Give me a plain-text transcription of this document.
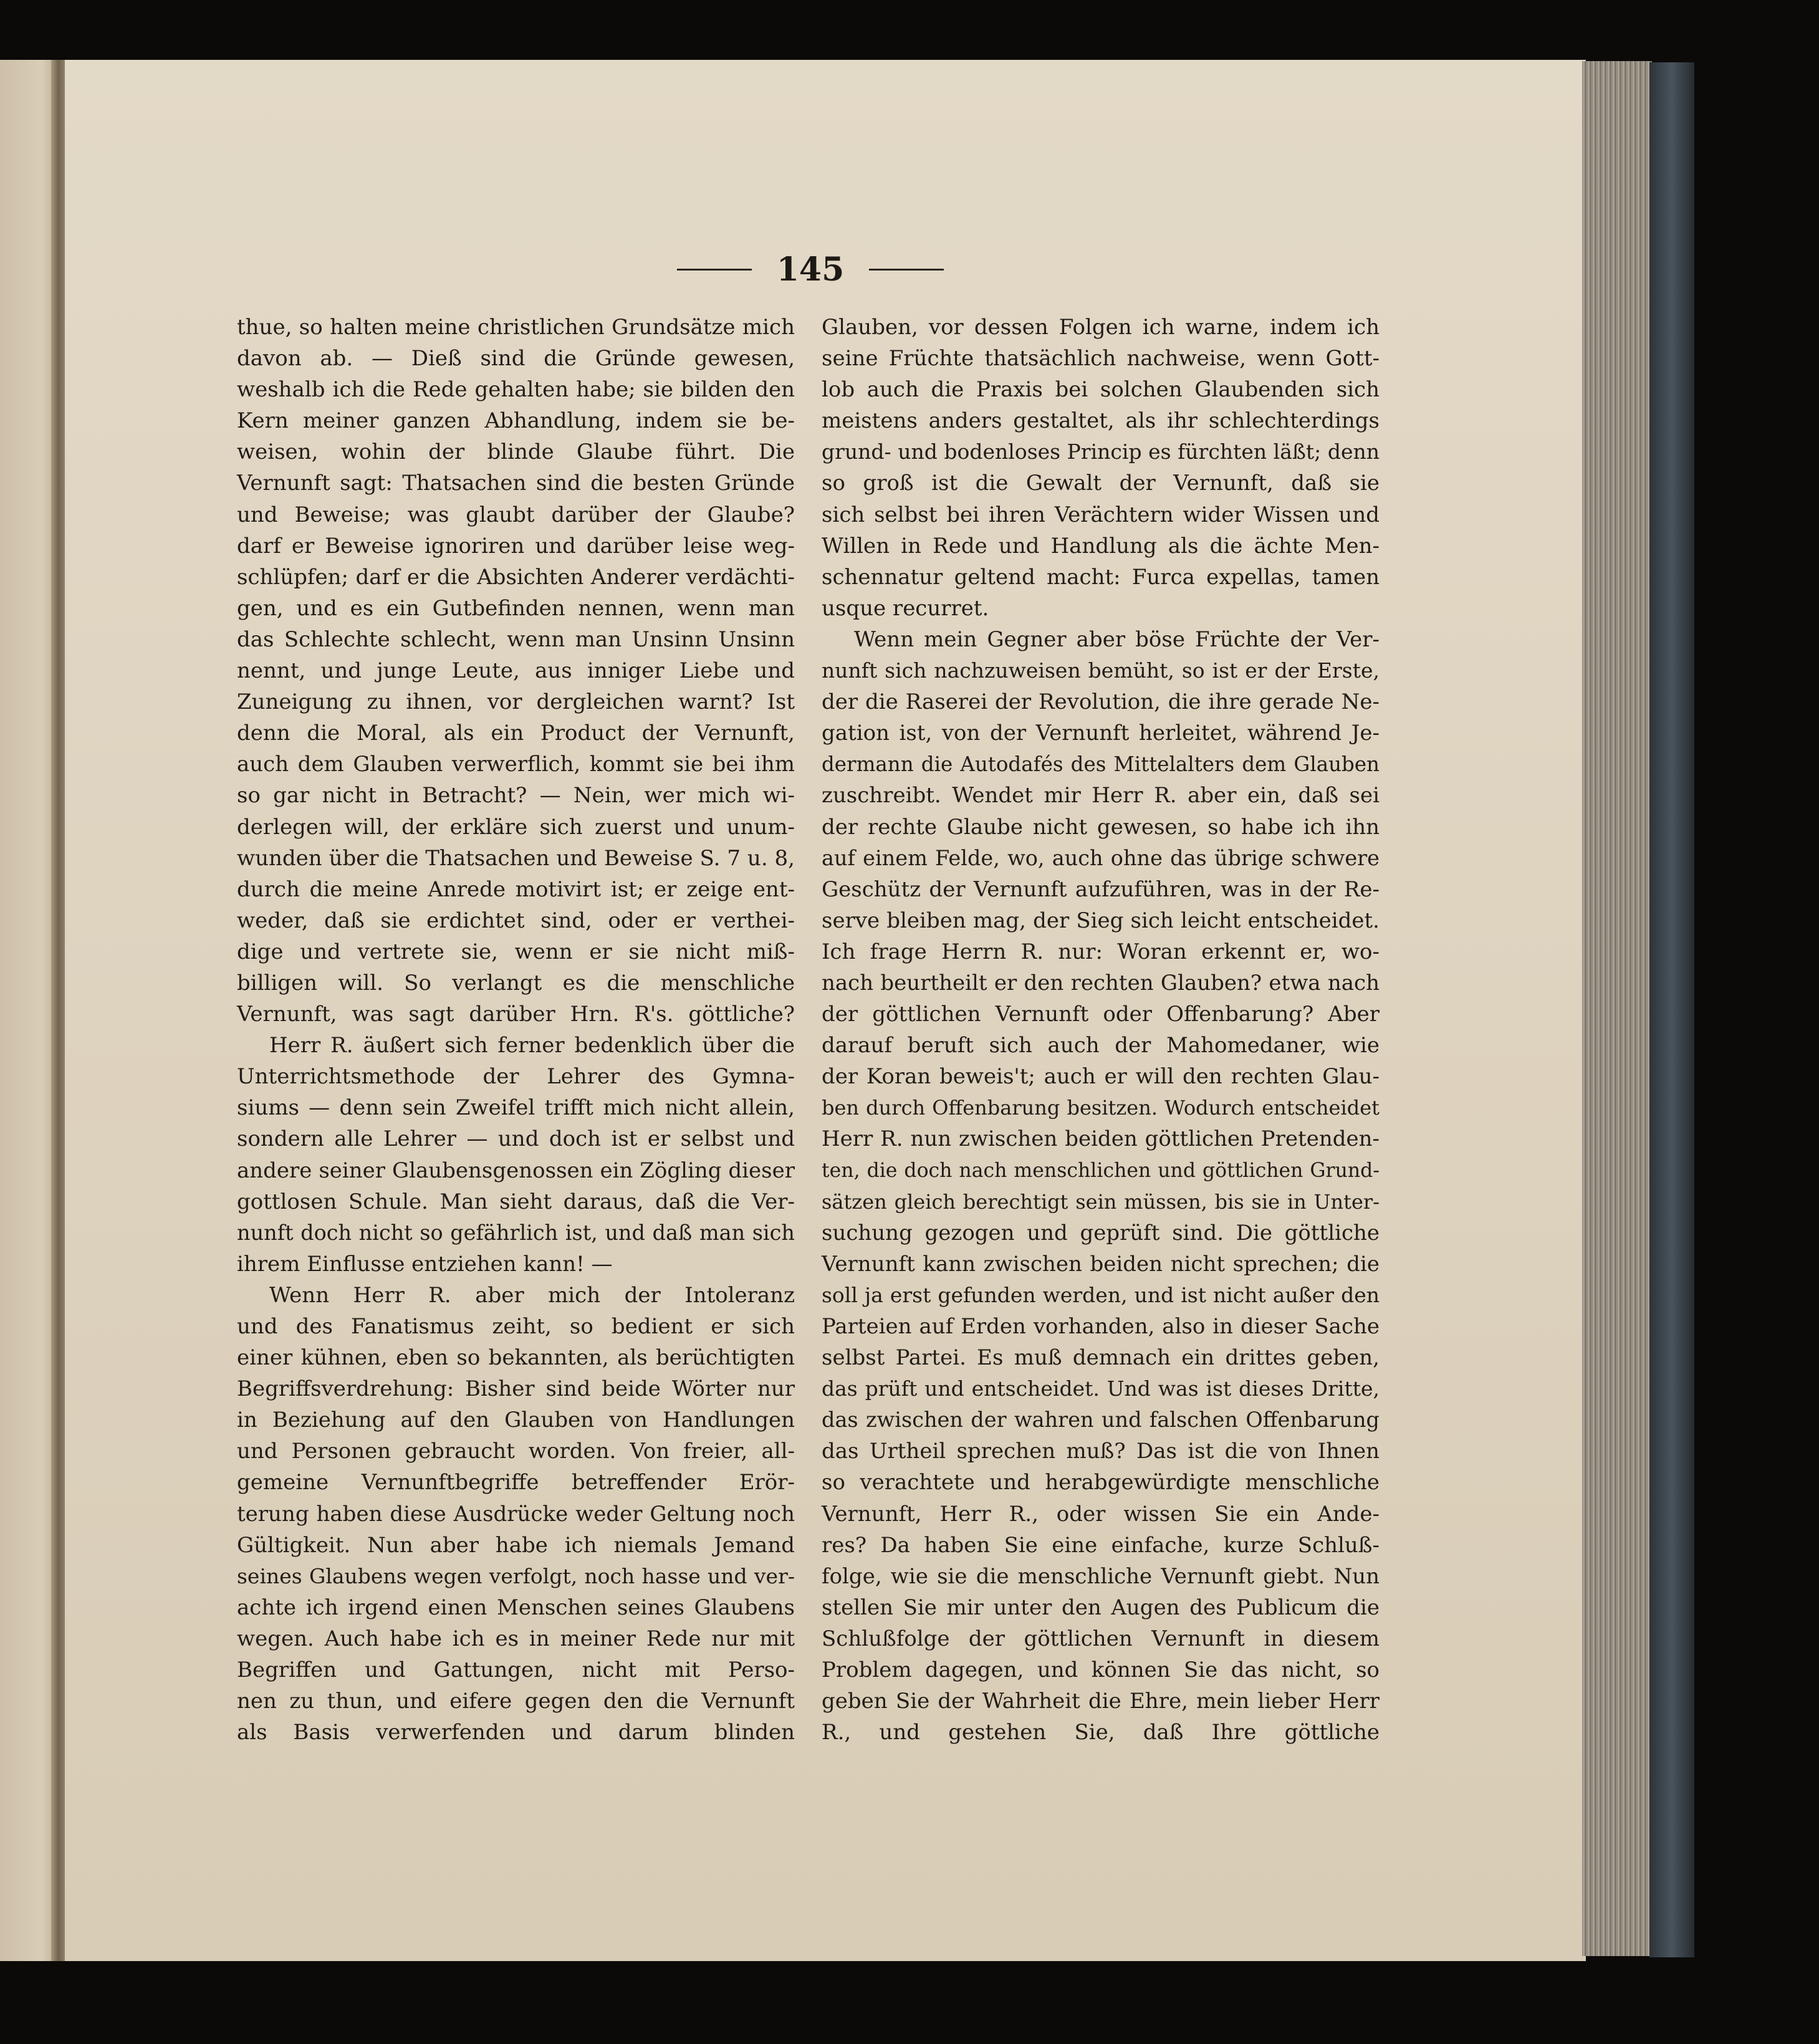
145
thue, so halten meine christlichen Grundsätze mich
davon ab. — Dieß sind die Gründe gewesen,
weshalb ich die Rede gehalten habe; sie bilden den
Kern meiner ganzen Abhandlung, indem sie be-
weisen, wohin der blinde Glaube führt. Die
Vernunft sagt: Thatsachen sind die besten Gründe
und Beweise; was glaubt darüber der Glaube?
darf er Beweise ignoriren und darüber leise weg-
schlüpfen; darf er die Absichten Anderer verdächti-
gen, und es ein Gutbefinden nennen, wenn man
das Schlechte schlecht, wenn man Unsinn Unsinn
nennt, und junge Leute, aus inniger Liebe und
Zuneigung zu ihnen, vor dergleichen warnt? Ist
denn die Moral, als ein Product der Vernunft,
auch dem Glauben verwerflich, kommt sie bei ihm
so gar nicht in Betracht? — Nein, wer mich wi-
derlegen will, der erkläre sich zuerst und unum-
wunden über die Thatsachen und Beweise S. 7 u. 8,
durch die meine Anrede motivirt ist; er zeige ent-
weder, daß sie erdichtet sind, oder er verthei-
dige und vertrete sie, wenn er sie nicht miß-
billigen will. So verlangt es die menschliche
Vernunft, was sagt darüber Hrn. R's. göttliche?
Herr R. äußert sich ferner bedenklich über die
Unterrichtsmethode der Lehrer des Gymna-
siums — denn sein Zweifel trifft mich nicht allein,
sondern alle Lehrer — und doch ist er selbst und
andere seiner Glaubensgenossen ein Zögling dieser
gottlosen Schule. Man sieht daraus, daß die Ver-
nunft doch nicht so gefährlich ist, und daß man sich
ihrem Einflusse entziehen kann! —
Wenn Herr R. aber mich der Intoleranz
und des Fanatismus zeiht, so bedient er sich
einer kühnen, eben so bekannten, als berüchtigten
Begriffsverdrehung: Bisher sind beide Wörter nur
in Beziehung auf den Glauben von Handlungen
und Personen gebraucht worden. Von freier, all-
gemeine Vernunftbegriffe betreffender Erör-
terung haben diese Ausdrücke weder Geltung noch
Gültigkeit. Nun aber habe ich niemals Jemand
seines Glaubens wegen verfolgt, noch hasse und ver-
achte ich irgend einen Menschen seines Glaubens
wegen. Auch habe ich es in meiner Rede nur mit
Begriffen und Gattungen, nicht mit Perso-
nen zu thun, und eifere gegen den die Vernunft
als Basis verwerfenden und darum blinden
Glauben, vor dessen Folgen ich warne, indem ich
seine Früchte thatsächlich nachweise, wenn Gott-
lob auch die Praxis bei solchen Glaubenden sich
meistens anders gestaltet, als ihr schlechterdings
grund- und bodenloses Princip es fürchten läßt; denn
so groß ist die Gewalt der Vernunft, daß sie
sich selbst bei ihren Verächtern wider Wissen und
Willen in Rede und Handlung als die ächte Men-
schennatur geltend macht: Furca expellas, tamen
usque recurret.
Wenn mein Gegner aber böse Früchte der Ver-
nunft sich nachzuweisen bemüht, so ist er der Erste,
der die Raserei der Revolution, die ihre gerade Ne-
gation ist, von der Vernunft herleitet, während Je-
dermann die Autodafés des Mittelalters dem Glauben
zuschreibt. Wendet mir Herr R. aber ein, daß sei
der rechte Glaube nicht gewesen, so habe ich ihn
auf einem Felde, wo, auch ohne das übrige schwere
Geschütz der Vernunft aufzuführen, was in der Re-
serve bleiben mag, der Sieg sich leicht entscheidet.
Ich frage Herrn R. nur: Woran erkennt er, wo-
nach beurtheilt er den rechten Glauben? etwa nach
der göttlichen Vernunft oder Offenbarung? Aber
darauf beruft sich auch der Mahomedaner, wie
der Koran beweis't; auch er will den rechten Glau-
ben durch Offenbarung besitzen. Wodurch entscheidet
Herr R. nun zwischen beiden göttlichen Pretenden-
ten, die doch nach menschlichen und göttlichen Grund-
sätzen gleich berechtigt sein müssen, bis sie in Unter-
suchung gezogen und geprüft sind. Die göttliche
Vernunft kann zwischen beiden nicht sprechen; die
soll ja erst gefunden werden, und ist nicht außer den
Parteien auf Erden vorhanden, also in dieser Sache
selbst Partei. Es muß demnach ein drittes geben,
das prüft und entscheidet. Und was ist dieses Dritte,
das zwischen der wahren und falschen Offenbarung
das Urtheil sprechen muß? Das ist die von Ihnen
so verachtete und herabgewürdigte menschliche
Vernunft, Herr R., oder wissen Sie ein Ande-
res? Da haben Sie eine einfache, kurze Schluß-
folge, wie sie die menschliche Vernunft giebt. Nun
stellen Sie mir unter den Augen des Publicum die
Schlußfolge der göttlichen Vernunft in diesem
Problem dagegen, und können Sie das nicht, so
geben Sie der Wahrheit die Ehre, mein lieber Herr
R., und gestehen Sie, daß Ihre göttliche
